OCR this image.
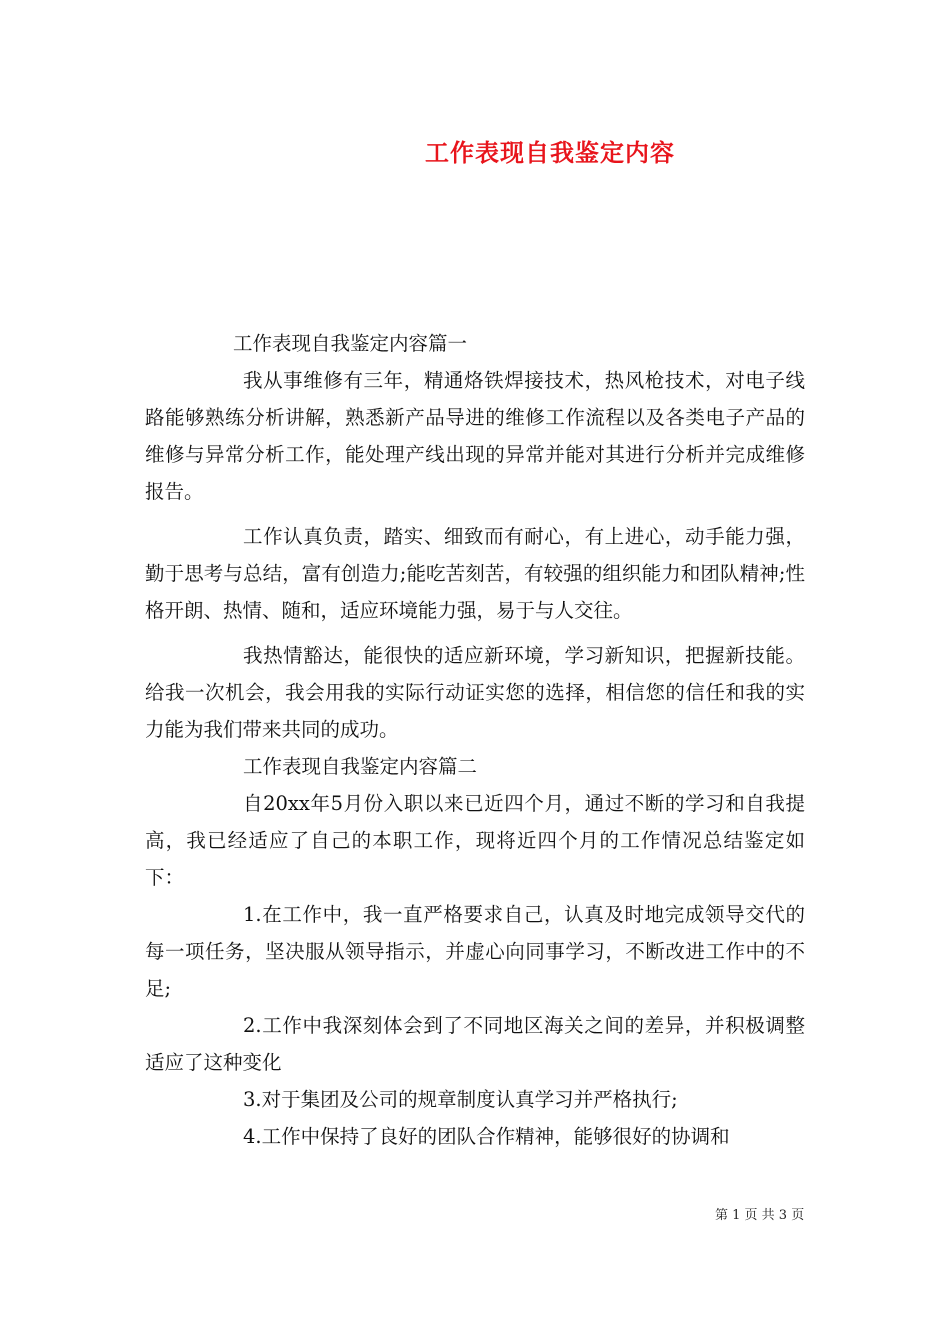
工作表现自我鉴定内容

工作表现自我鉴定内容篇一

我从事维修有三年，精通烙铁焊接技术，热风枪技术，对电子线路能够熟练分析讲解，熟悉新产品导进的维修工作流程以及各类电子产品的维修与异常分析工作，能处理产线出现的异常并能对其进行分析并完成维修报告。

工作认真负责，踏实、细致而有耐心，有上进心，动手能力强，勤于思考与总结，富有创造力;能吃苦刻苦，有较强的组织能力和团队精神;性格开朗、热情、随和，适应环境能力强，易于与人交往。

我热情豁达，能很快的适应新环境，学习新知识，把握新技能。给我一次机会，我会用我的实际行动证实您的选择，相信您的信任和我的实力能为我们带来共同的成功。

工作表现自我鉴定内容篇二

自20xx年5月份入职以来已近四个月，通过不断的学习和自我提高，我已经适应了自己的本职工作，现将近四个月的工作情况总结鉴定如下：

1.在工作中，我一直严格要求自己，认真及时地完成领导交代的每一项任务，坚决服从领导指示，并虚心向同事学习，不断改进工作中的不足;

2.工作中我深刻体会到了不同地区海关之间的差异，并积极调整适应了这种变化

3.对于集团及公司的规章制度认真学习并严格执行;

4.工作中保持了良好的团队合作精神，能够很好的协调和

第 1 页 共 3 页
